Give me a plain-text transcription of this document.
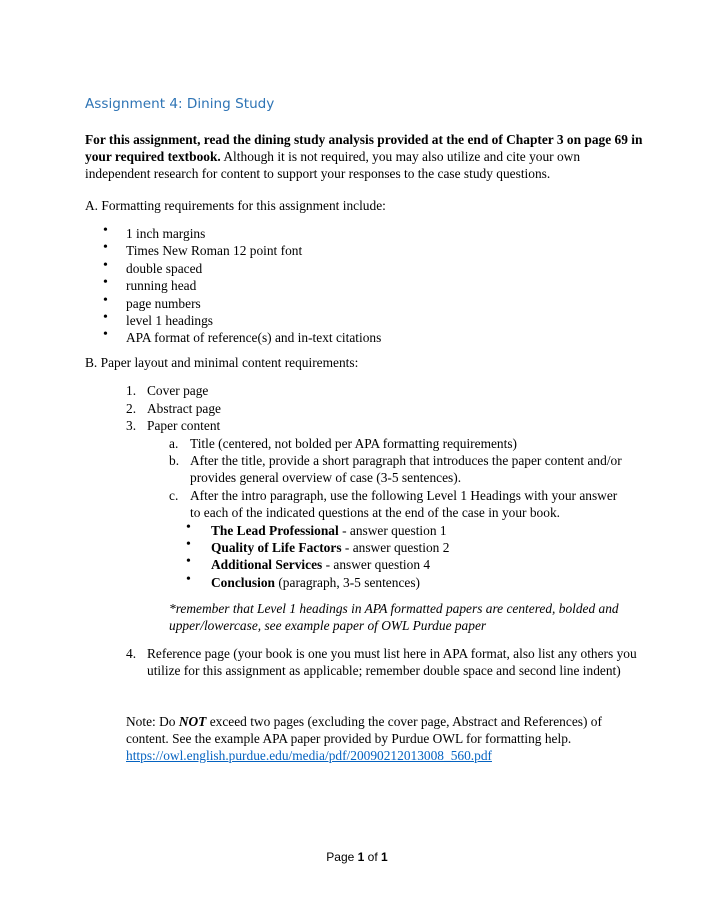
Assignment 4: Dining Study
For this assignment, read the dining study analysis provided at the end of Chapter 3 on page 69 in your required textbook. Although it is not required, you may also utilize and cite your own independent research for content to support your responses to the case study questions.
A. Formatting requirements for this assignment include:
• 1 inch margins
• Times New Roman 12 point font
• double spaced
• running head
• page numbers
• level 1 headings
• APA format of reference(s) and in-text citations
B. Paper layout and minimal content requirements:
1. Cover page
2. Abstract page
3. Paper content
a. Title (centered, not bolded per APA formatting requirements)
b. After the title, provide a short paragraph that introduces the paper content and/or provides general overview of case (3-5 sentences).
c. After the intro paragraph, use the following Level 1 Headings with your answer to each of the indicated questions at the end of the case in your book.
• The Lead Professional - answer question 1
• Quality of Life Factors - answer question 2
• Additional Services - answer question 4
• Conclusion (paragraph, 3-5 sentences)
*remember that Level 1 headings in APA formatted papers are centered, bolded and upper/lowercase, see example paper of OWL Purdue paper
4. Reference page (your book is one you must list here in APA format, also list any others you utilize for this assignment as applicable; remember double space and second line indent)
Note: Do NOT exceed two pages (excluding the cover page, Abstract and References) of content. See the example APA paper provided by Purdue OWL for formatting help.
https://owl.english.purdue.edu/media/pdf/20090212013008_560.pdf
Page 1 of 1
